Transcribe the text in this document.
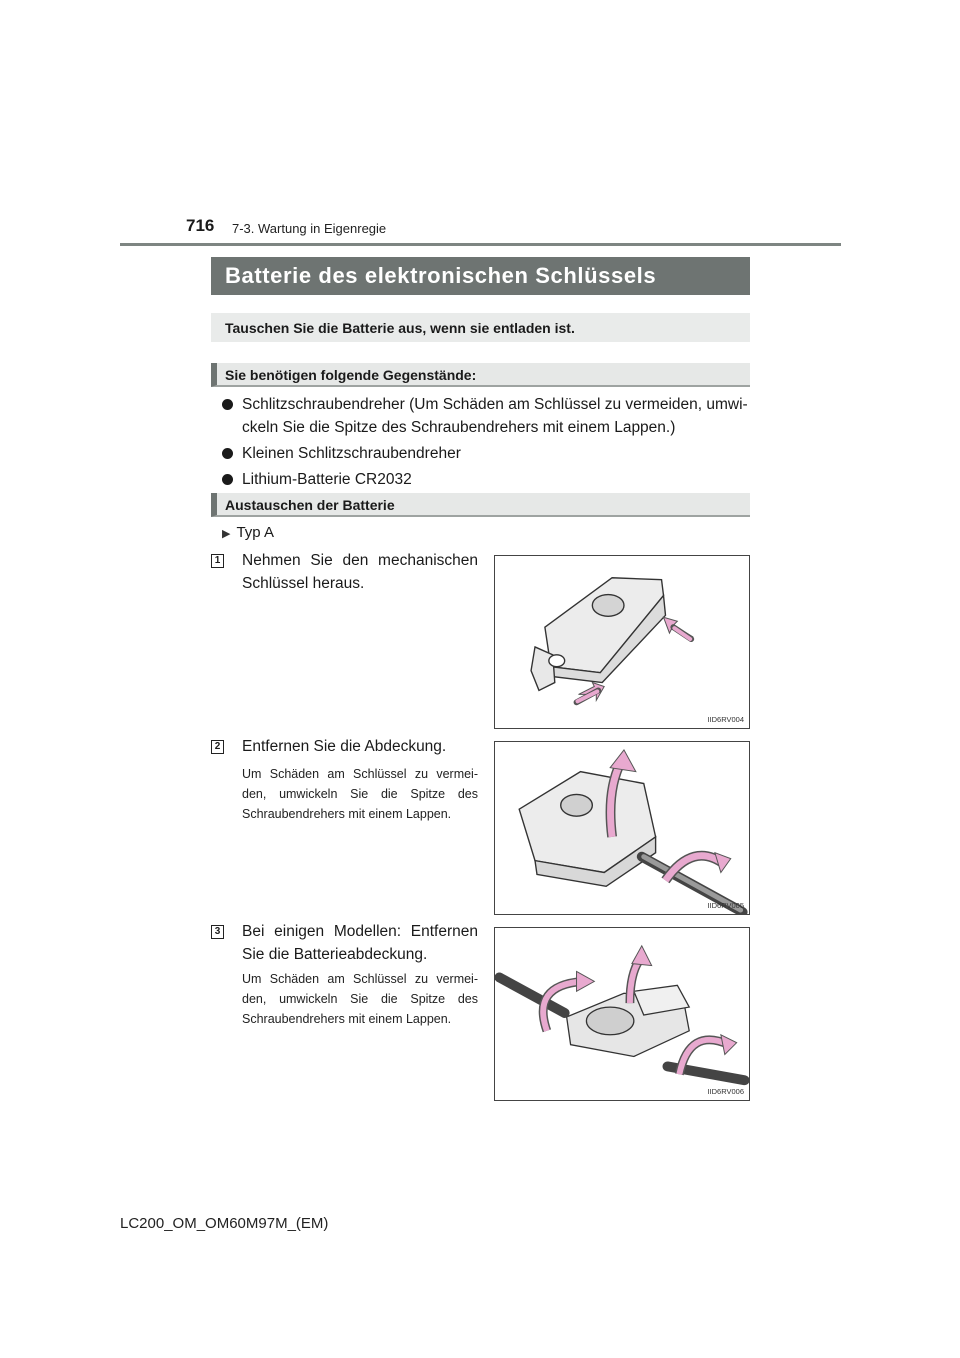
716 7-3. Wartung in Eigenregie
Batterie des elektronischen Schlüssels
Tauschen Sie die Batterie aus, wenn sie entladen ist.
Sie benötigen folgende Gegenstände:
Schlitzschraubendreher (Um Schäden am Schlüssel zu vermeiden, umwi-ckeln Sie die Spitze des Schraubendrehers mit einem Lappen.)
Kleinen Schlitzschraubendreher
Lithium-Batterie CR2032
Austauschen der Batterie
▶ Typ A
1 Nehmen Sie den mechanischen Schlüssel heraus.
IID6RV004
2 Entfernen Sie die Abdeckung.
Um Schäden am Schlüssel zu vermei-den, umwickeln Sie die Spitze des Schraubendrehers mit einem Lappen.
IID6RV005
3 Bei einigen Modellen: Entfernen Sie die Batterieabdeckung.
Um Schäden am Schlüssel zu vermei-den, umwickeln Sie die Spitze des Schraubendrehers mit einem Lappen.
IID6RV006
LC200_OM_OM60M97M_(EM)
